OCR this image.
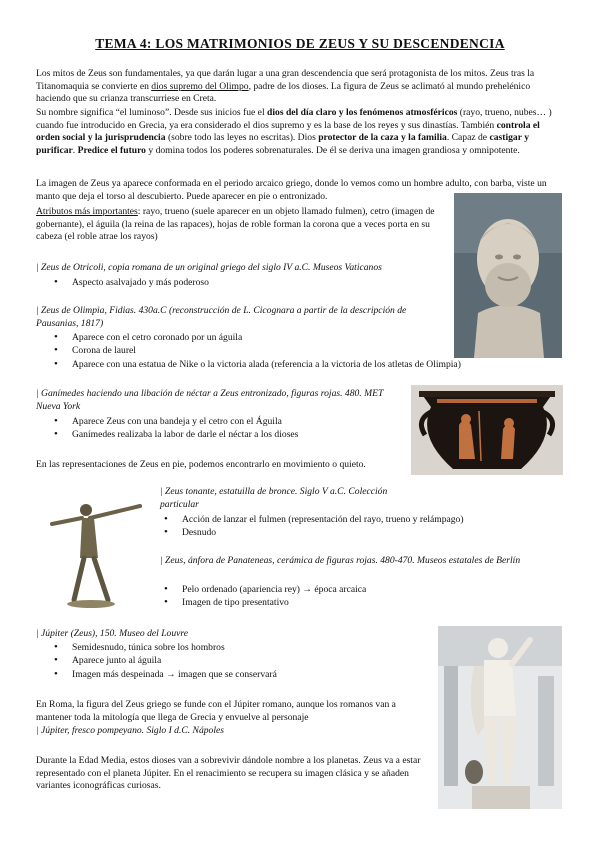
TEMA 4: LOS MATRIMONIOS DE ZEUS Y SU DESCENDENCIA
Los mitos de Zeus son fundamentales, ya que darán lugar a una gran descendencia que será protagonista de los mitos. Zeus tras la Titanomaquia se convierte en dios supremo del Olimpo, padre de los dioses. La figura de Zeus se aclimató al mundo prehelénico haciendo que su crianza transcurriese en Creta.
Su nombre significa “el luminoso”. Desde sus inicios fue el dios del día claro y los fenómenos atmosféricos (rayo, trueno, nubes… ) cuando fue introducido en Grecia, ya era considerado el dios supremo y es la base de los reyes y sus dinastías. También controla el orden social y la jurisprudencia (sobre todo las leyes no escritas). Dios protector de la caza y la familia. Capaz de castigar y purificar. Predice el futuro y domina todos los poderes sobrenaturales. De él se deriva una imagen grandiosa y omnipotente.
La imagen de Zeus ya aparece conformada en el periodo arcaico griego, donde lo vemos como un hombre adulto, con barba, viste un manto que deja el torso al descubierto. Puede aparecer en pie o entronizado.
Atributos más importantes: rayo, trueno (suele aparecer en un objeto llamado fulmen), cetro (imagen de gobernante), el águila (la reina de las rapaces), hojas de roble forman la corona que a veces porta en su cabeza (el roble atrae los rayos)
| Zeus de Otricoli, copia romana de un original griego del siglo IV a.C. Museos Vaticanos
• Aspecto asalvajado y más poderoso
| Zeus de Olimpia, Fidias. 430a.C (reconstrucción de L. Cicognara a partir de la descripción de Pausanias, 1817)
• Aparece con el cetro coronado por un águila
• Corona de laurel
• Aparece con una estatua de Nike o la victoria alada (referencia a la victoria de los atletas de Olimpia)
| Ganímedes haciendo una libación de néctar a Zeus entronizado, figuras rojas. 480. MET Nueva York
• Aparece Zeus con una bandeja y el cetro con el Águila
• Ganímedes realizaba la labor de darle el néctar a los dioses
En las representaciones de Zeus en pie, podemos encontrarlo en movimiento o quieto.
| Zeus tonante, estatuilla de bronce. Siglo V a.C. Colección particular
• Acción de lanzar el fulmen (representación del rayo, trueno y relámpago)
• Desnudo
| Zeus, ánfora de Panateneas, cerámica de figuras rojas. 480-470. Museos estatales de Berlín
• Pelo ordenado (apariencia rey) → época arcaica
• Imagen de tipo presentativo
| Júpiter (Zeus), 150. Museo del Louvre
• Semidesnudo, túnica sobre los hombros
• Aparece junto al águila
• Imagen más despeinada → imagen que se conservará
En Roma, la figura del Zeus griego se funde con el Júpiter romano, aunque los romanos van a mantener toda la mitología que llega de Grecia y envuelve al personaje
| Júpiter, fresco pompeyano. Siglo I d.C. Nápoles
Durante la Edad Media, estos dioses van a sobrevivir dándole nombre a los planetas. Zeus va a estar representado con el planeta Júpiter. En el renacimiento se recupera su imagen clásica y se añaden variantes iconográficas curiosas.
